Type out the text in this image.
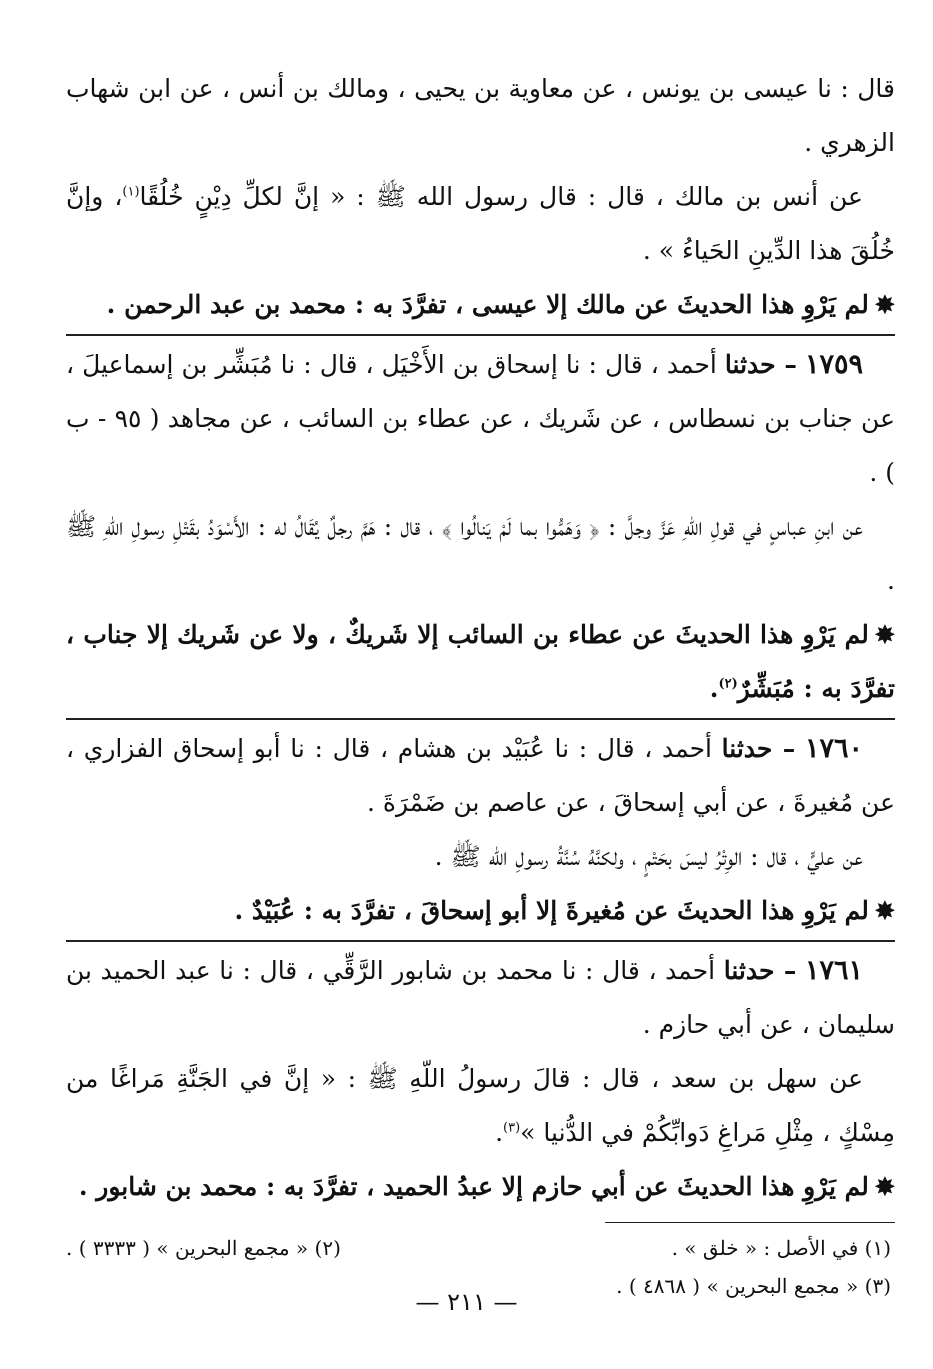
قال : نا عيسى بن يونس ، عن معاوية بن يحيى ، ومالك بن أنس ، عن ابن شهاب الزهري .

عن أنس بن مالك ، قال : قال رسول الله ﷺ : « إنَّ لكلِّ دِيْنٍ خُلُقًا$^{(١)}$، وإنَّ خُلُقَ هذا الدِّينِ الحَياءُ » .

✸لم يَرْوِ هذا الحديثَ عن مالك إلا عيسى ، تفرَّدَ به : محمد بن عبد الرحمن .

١٧٥٩ – حدثنا أحمد ، قال : نا إسحاق بن الأَخْيَل ، قال : نا مُبَشِّر بن إسماعيلَ ، عن جناب بن نسطاس ، عن شَريك ، عن عطاء بن السائب ، عن مجاهد ( ٩٥ - ب ) .

عن ابنِ عباسٍ في قولِ اللّهِ عَزَّ وجلَّ : ﴿ وَهَمُّوا بما لَمْ يَنالُوا ﴾ ، قال : هَمَّ رجلٌ يُقَالُ له : الأَسْوَدُ بقَتْلِ رسولِ اللّهِ ﷺ .

✸لم يَرْوِ هذا الحديثَ عن عطاء بن السائب إلا شَريكٌ ، ولا عن شَريك إلا جناب ، تفرَّدَ به : مُبَشِّرٌ$^{(٢)}$.

١٧٦٠ – حدثنا أحمد ، قال : نا عُبَيْد بن هشام ، قال : نا أبو إسحاق الفزاري ، عن مُغيرةَ ، عن أبي إسحاقَ ، عن عاصم بن ضَمْرَةَ .

عن عليٍّ ، قال : الوِتْرُ ليسَ بحَتْمٍ ، ولكنَّهُ سُنَّةُ رسولِ الله ﷺ .

✸لم يَرْوِ هذا الحديثَ عن مُغيرةَ إلا أبو إسحاقَ ، تفرَّدَ به : عُبَيْدٌ .

١٧٦١ – حدثنا أحمد ، قال : نا محمد بن شابور الرَّقِّي ، قال : نا عبد الحميد بن سليمان ، عن أبي حازم .

عن سهل بن سعد ، قال : قالَ رسولُ اللّهِ ﷺ : « إنَّ في الجَنَّةِ مَراغًا من مِسْكٍ ، مِثْلِ مَراغِ دَوابِّكُمْ في الدُّنيا »$^{(٣)}$.

✸لم يَرْوِ هذا الحديثَ عن أبي حازم إلا عبدُ الحميد ، تفرَّدَ به : محمد بن شابور .

(١) في الأصل : « خلق » .
(٢) « مجمع البحرين » ( ٣٣٣٣ ) .
(٣) « مجمع البحرين » ( ٤٨٦٨ ) .
— ٢١١ —
